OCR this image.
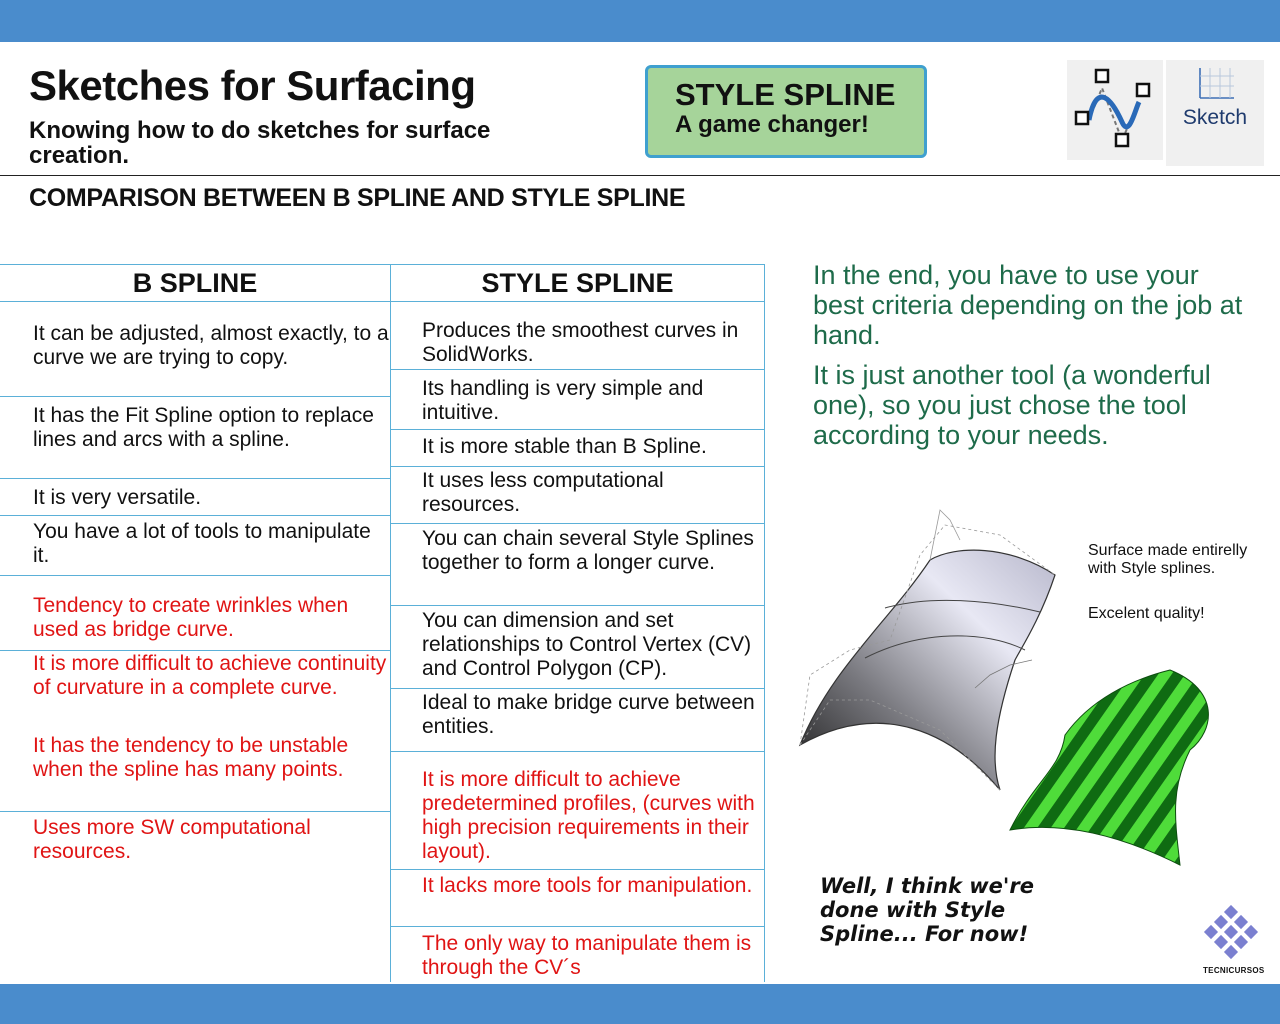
Sketches for Surfacing
Knowing how to do sketches for surface creation.
STYLE SPLINE
A game changer!	Sketch
COMPARISON BETWEEN B SPLINE AND STYLE SPLINE
B SPLINE
It can be adjusted, almost exactly, to a curve we are trying to copy.
It has the Fit Spline option to replace lines and arcs with a spline.
It is very versatile.
You have a lot of tools to manipulate it.
Tendency to create wrinkles when used as bridge curve.
It is more difficult to achieve continuity of curvature in a complete curve.
It has the tendency to be unstable when the spline has many points.
Uses more SW computational resources.
STYLE SPLINE
Produces the smoothest curves in SolidWorks.
Its handling is very simple and intuitive.
It is more stable than B Spline.
It uses less computational resources.
You can chain several Style Splines together to form a longer curve.
You can dimension and set relationships to Control Vertex (CV) and Control Polygon (CP).
Ideal to make bridge curve between entities.
It is more difficult to achieve predetermined profiles, (curves with high precision requirements in their layout).
It lacks more tools for manipulation.
The only way to manipulate them is through the CV´s
In the end, you have to use your best criteria depending on the job at hand.
It is just another tool (a wonderful one), so you just chose the tool according to your needs.
Surface made entirelly with Style splines.
Excelent quality!
Well, I think we're done with Style Spline... For now!
TECNICURSOS
